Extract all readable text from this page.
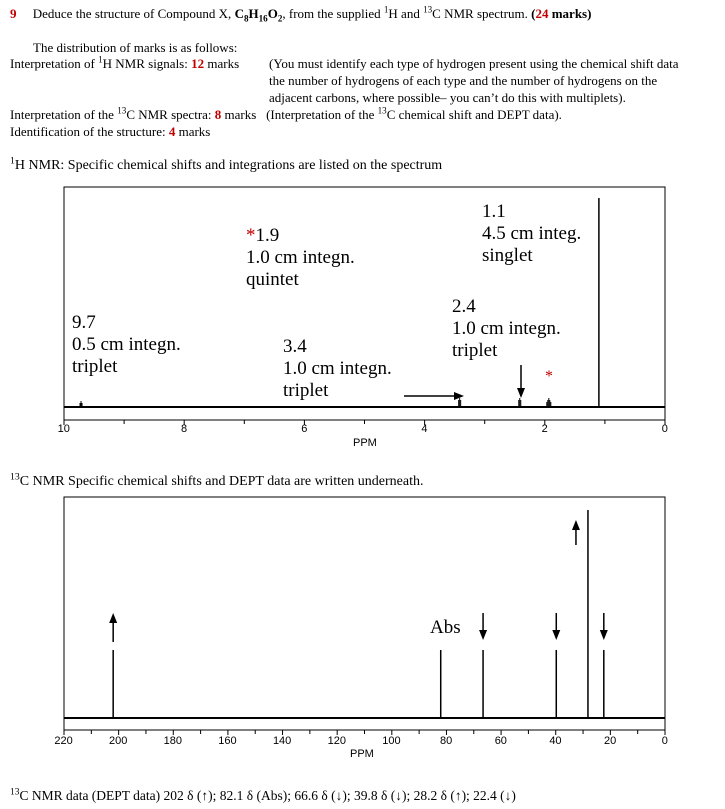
9 Deduce the structure of Compound X, $C_8H_{16}O_2$, from the supplied $^1$H and $^{13}$C NMR spectrum. (24 marks)
The distribution of marks is as follows:
Interpretation of $^1$H NMR signals: 12 marks (You must identify each type of hydrogen present using the chemical shift data
the number of hydrogens of each type and the number of hydrogens on the
adjacent carbons, where possible– you can’t do this with multiplets).
Interpretation of the $^{13}$C NMR spectra: 8 marks (Interpretation of the $^{13}$C chemical shift and DEPT data).
Identification of the structure: 4 marks
$^1$H NMR: Specific chemical shifts and integrations are listed on the spectrum
9.7
0.5 cm integn.
triplet
3.4
1.0 cm integn.
triplet
*1.9
1.0 cm integn.
quintet
2.4
1.0 cm integn.
triplet
1.1
4.5 cm integ.
singlet
*
10	8	6	4	2	0
PPM
$^{13}$C NMR Specific chemical shifts and DEPT data are written underneath.
Abs
220	200	180	160	140	120	100	80	60	40	20	0
PPM
$^{13}$C NMR data (DEPT data) 202 δ (↑); 82.1 δ (Abs); 66.6 δ (↓); 39.8 δ (↓); 28.2 δ (↑); 22.4 (↓)
